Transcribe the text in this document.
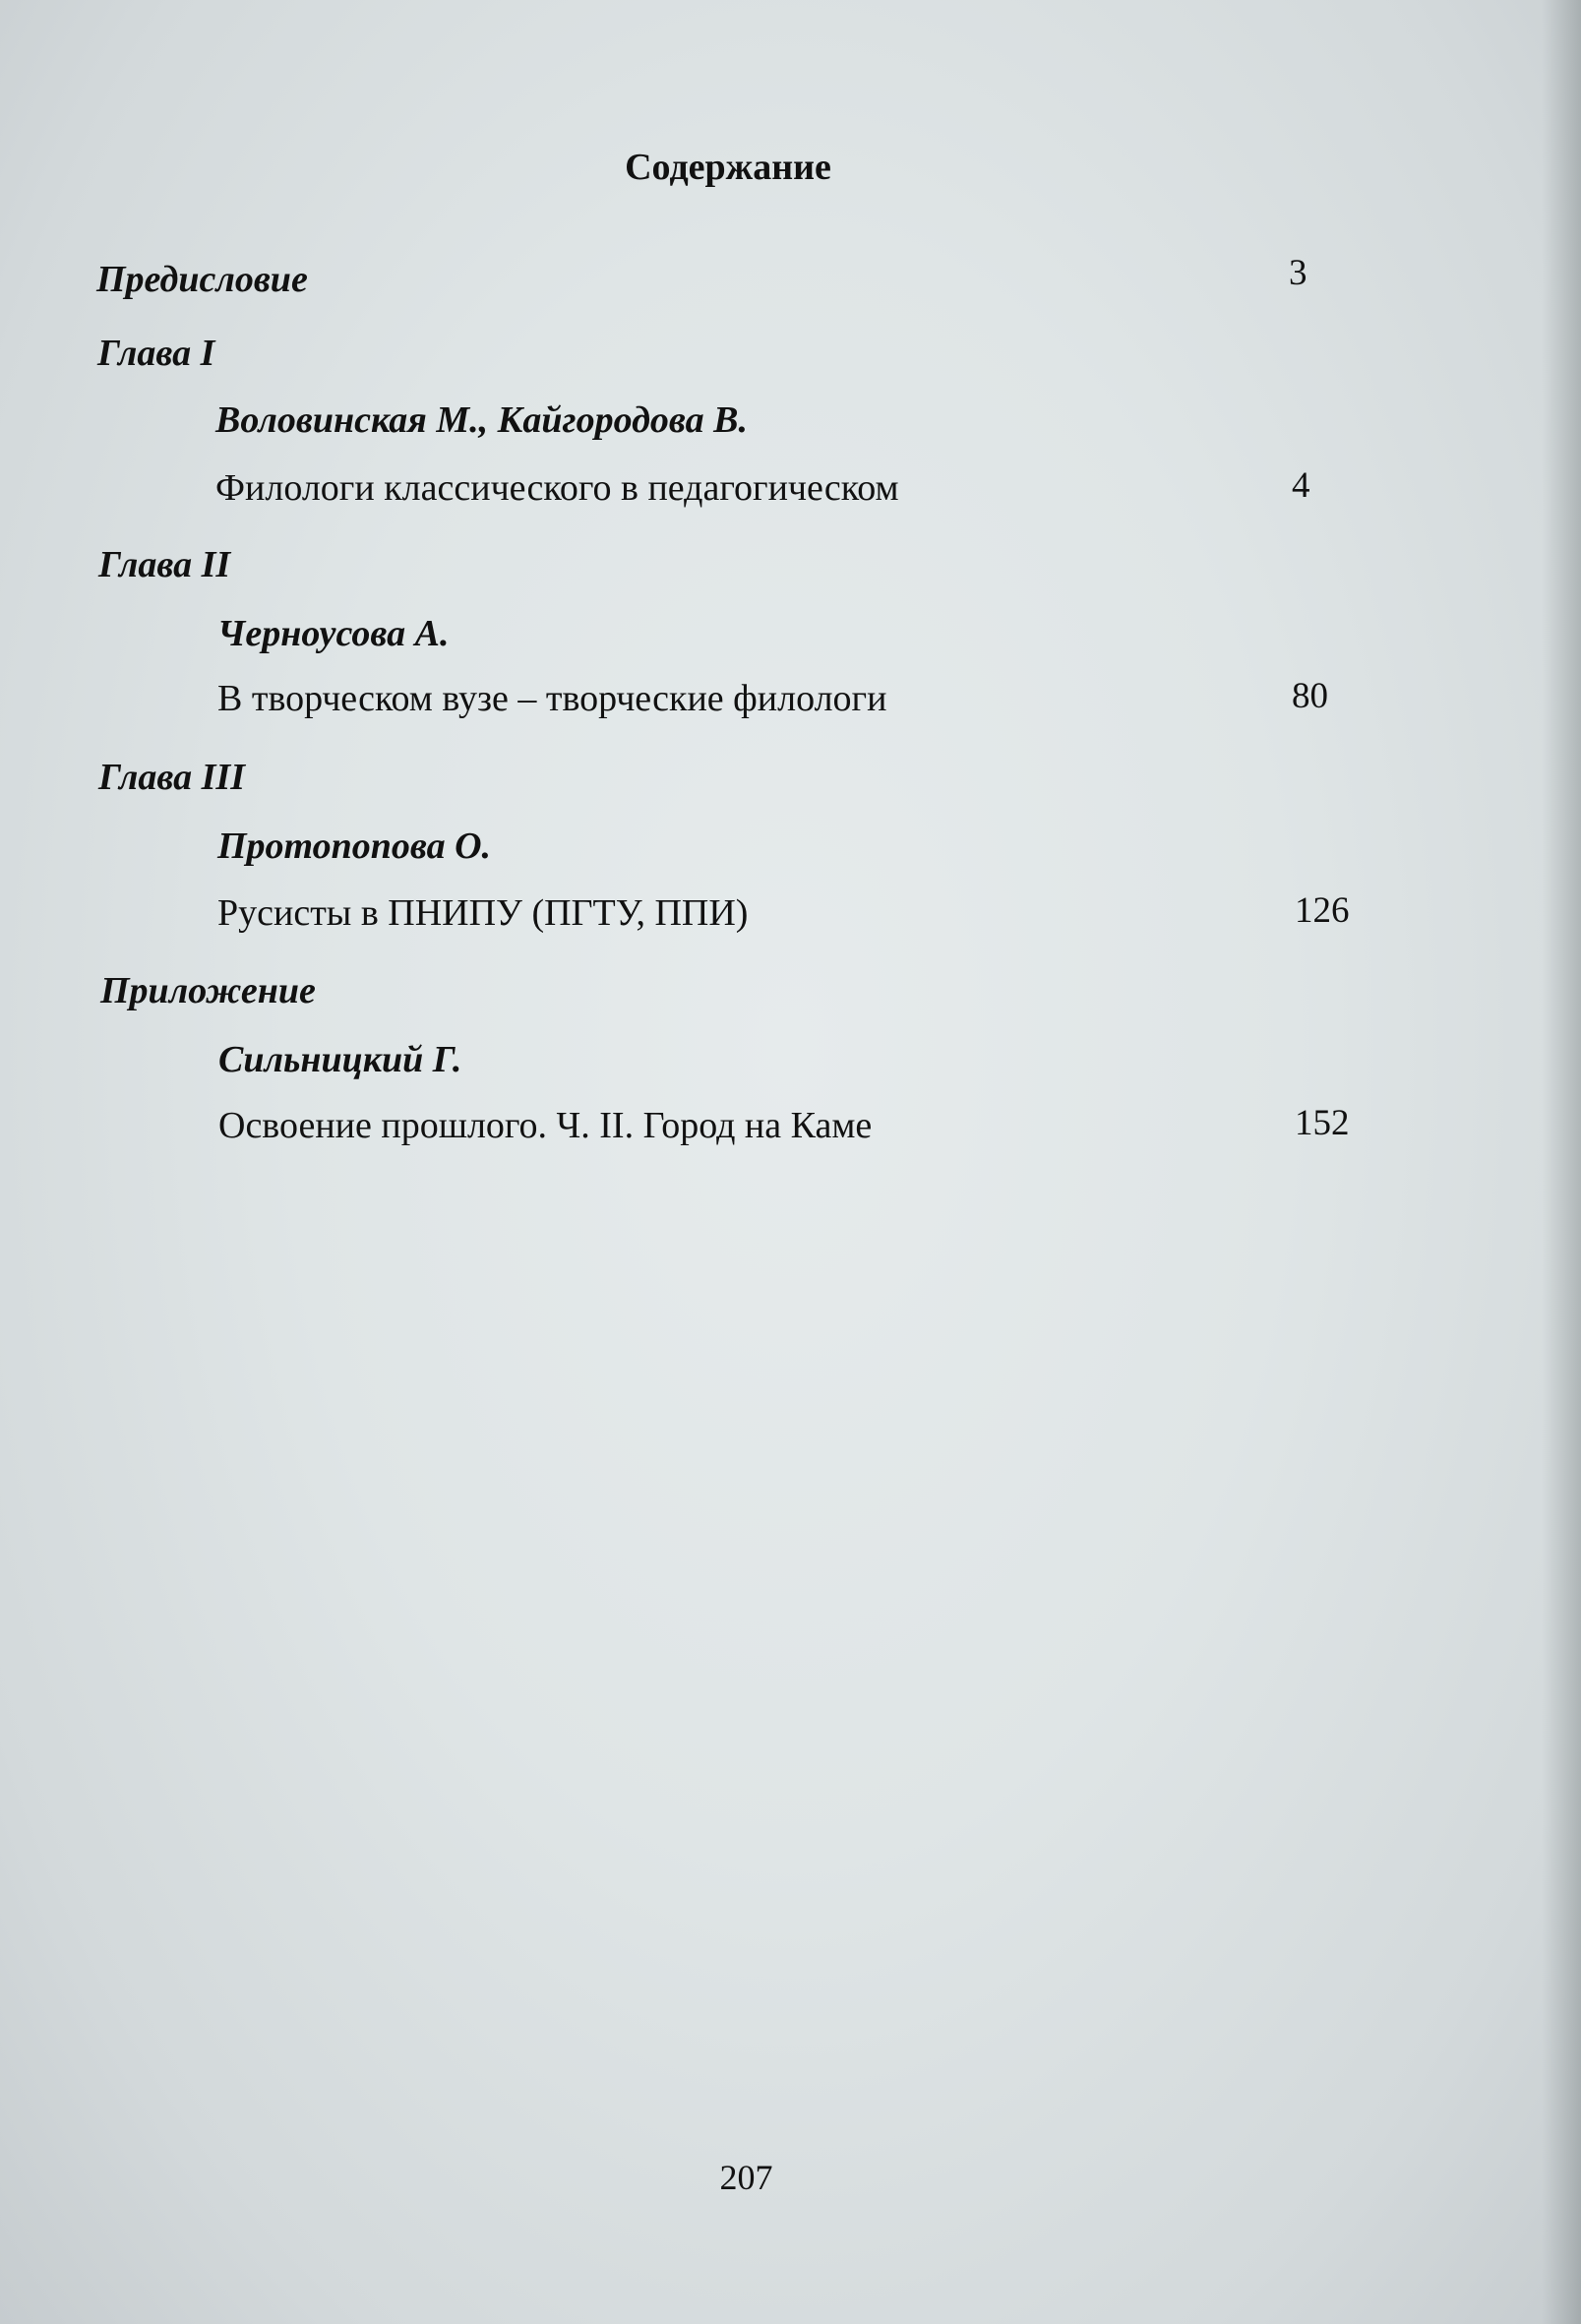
Содержание
Предисловие	3
Глава I
Воловинская М., Кайгородова В.
Филологи классического в педагогическом	4
Глава II
Черноусова А.
В творческом вузе – творческие филологи	80
Глава III
Протопопова О.
Русисты в ПНИПУ (ПГТУ, ППИ)	126
Приложение
Сильницкий Г.
Освоение прошлого. Ч. II. Город на Каме	152
207
